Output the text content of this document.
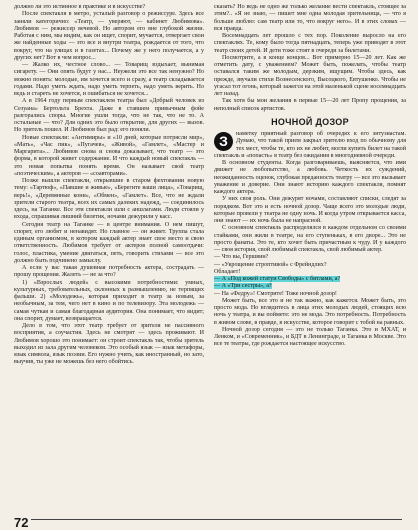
должно ли это истинное в практике и в искусстве?

После спектакля в метро, усталый разговор о режиссуре. Здесь все заняли категорично: «Театр, — уверяют, — кабинет Любимова». Любимов — режиссер вечевой. Но автором его вне глубокой жизни. Работая с ним, мы видим, как он ищет, спорит, мучается, отвергает свои же найденные ходы — это все и внутри театра, рождается от того, что вокруг, что на улицах и в газетах... Почему же у него получается, а у других нет? Вот в чем вопрос...

— Жалко их, честное слово... — Товарищ вздыхает, вынимая сигарету. — Они опять будут у нас... Неужели это все так ненужно? Но можно понять: молодые, им хочется всего и сразу, а театр складывается годами. Надо уметь ждать, надо уметь терпеть, надо уметь верить. Но ведь и стареть не хочется, и ошибаться не хочется...

А в 1964 году первым спектаклем театра был «Добрый человек из Сезуана» Бертольта Брехта. Даже в ставшем привычным фойе разгорались споры. Многие ушли тогда, что не так, что не то. А остальные — что? Для одних это было открытие, для других — вызов. Но зритель пошел. И Любимов был рад: его поняли.

Новые спектакли: «Антимиры» и «10 дней, которые потрясли мир», «Мать», «Час пик», «Пугачев», «Живой», «Гамлет», «Мастер и Маргарита»... Любимов снова и снова доказывает, что театр — это форма, в которой живет содержание. И что каждый новый спектакль — это новая попытка понять время. Он называет свой театр «поэтическим», а актеров — «соавторами».

Позже вышли спектакли, открывшие в старом фехтовании новую тему: «Тартюф», «Павшие и живые», «Берегите ваши лица», «Товарищ, верь!», «Деревянные кони», «Обмен», «Гамлет». Все, что не ждали зрители старого театра, всех их самых далеких надежд, — соединилось здесь, на Таганке. Все эти спектакли шли с аншлагами. Люди стояли у входа, спрашивая лишний билетик, ночами дежурили у касс.

Сегодня театр на Таганке — в центре внимания. О нем пишут, спорят, его любят и ненавидят. Но главное — он живет. Труппа стала единым организмом, в котором каждый актер знает свое место и свою ответственность. Любимов требует от актеров полной самоотдачи: голос, пластика, умение двигаться, петь, говорить стихами — все это должно быть подчинено замыслу.

А если у вас такая душевная потребность актера, сострадать — прошу прощения. Жалеть — не за что?

1) «Взрослых людей» с высокими потребностями: умных, культурных, требовательных, склонных к размышлению, не терпящих фальши. 2) «Молодежь», которая приходит в театр за новым, за необычным, за тем, чего нет в кино и по телевизору. Эта молодежь — самая чуткая и самая благодарная аудитория. Она понимает, что видит; она спорит, думает, возвращается.

Дело в том, что этот театр требует от зрителя не пассивного восприятия, а соучастия. Здесь не смотрят — здесь проживают. И Любимов хорошо это понимает: он строит спектакль так, чтобы зритель выходил из зала другим человеком. Это особый язык — язык метафоры, язык символа, язык поэзии. Его нужно учить, как иностранный, но зато, выучив, ты уже не можешь без него обойтись.

сказать? Но ведь не одно же только желание вести спектакль, стоящее за этим?.. «Я не знаю, — пишет мне одна молодая зрительница, — что я больше люблю: сам театр или то, что вокруг него». И в этих словах — вся правда.

Восемнадцать лет прошло с тех пор. Поколение выросло на его спектаклях. Те, кому было тогда пятнадцать, теперь уже приводят в этот театр своих детей. И дети тоже стоят в очереди за билетами.

Посмотрите, а в конце концов... Вот примерно 15—20 лет. Как же отметить дату, с уважением? Может быть, пожелать, чтобы театр оставался таким же молодым, дерзким, ищущим. Чтобы здесь, как прежде, звучали стихи Вознесенского, Высоцкого, Евтушенко. Чтобы не угасал тот огонь, который зажегся на этой маленькой сцене восемнадцать лет назад.

Так хотя бы мои желания в первые 15—20 лет Пропу прощения, за неполный список артистов.

НОЧНОЙ ДОЗОР

З	наметку приятный разговор об очередях к его энтузиастам. Думаю, что такой прием закрыл зрителю вход по обычному для тех мест, чтобы те, кто их не любит, могли купить билет на такой спектакль и «попасть» в театр без ожидания в многодневной очереди.

В основном студенты. Когда разговариваешь, выясняется, что ими движет не любопытство, а любовь. Четкость их суждений, неожиданность оценок, глубокая преданность театру — все это вызывает уважение и доверие. Они знают историю каждого спектакля, помнят каждого актера.

У них своя роль. Они дежурят ночами, составляют списки, следят за порядком. Вот это и есть ночной дозор. Чаще всего это молодые люди, которые провели у театра не одну ночь. И когда утром открывается касса, они знают — их ночь была не напрасной.

С основном спектакль распределялся в каждом отдельном со своими стайками, они жили в театре, на его ступеньках, в его дворе... Это не просто фанаты. Это те, кто хочет быть причастным к чуду. И у каждого — своя история, свой любимый спектакль, свой любимый актер.

— Что вы, Гершвин?

— «Укрощение строптивой» с Фрейндлих?

Обладает!

— А «Под кожей статуи Свободы» с битлами, а?

— А «Три сестры», а?

— На «Федру»! Смотрите! Тоже ночной дозор!

Может быть, все это и не так важно, как кажется. Может быть, это просто мода. Но вглядитесь в лица этих молодых людей, стоящих всю ночь у театра, и вы поймете: это не мода. Это потребность. Потребность в живом слове, в правде, в искусстве, которое говорит с тобой на равных.

Ночной дозор сегодня — это не только Таганка. Это и МХАТ, и Ленком, и «Современник», и БДТ в Ленинграде, и Таганка в Москве. Это все те театры, где рождается настоящее искусство.

72
